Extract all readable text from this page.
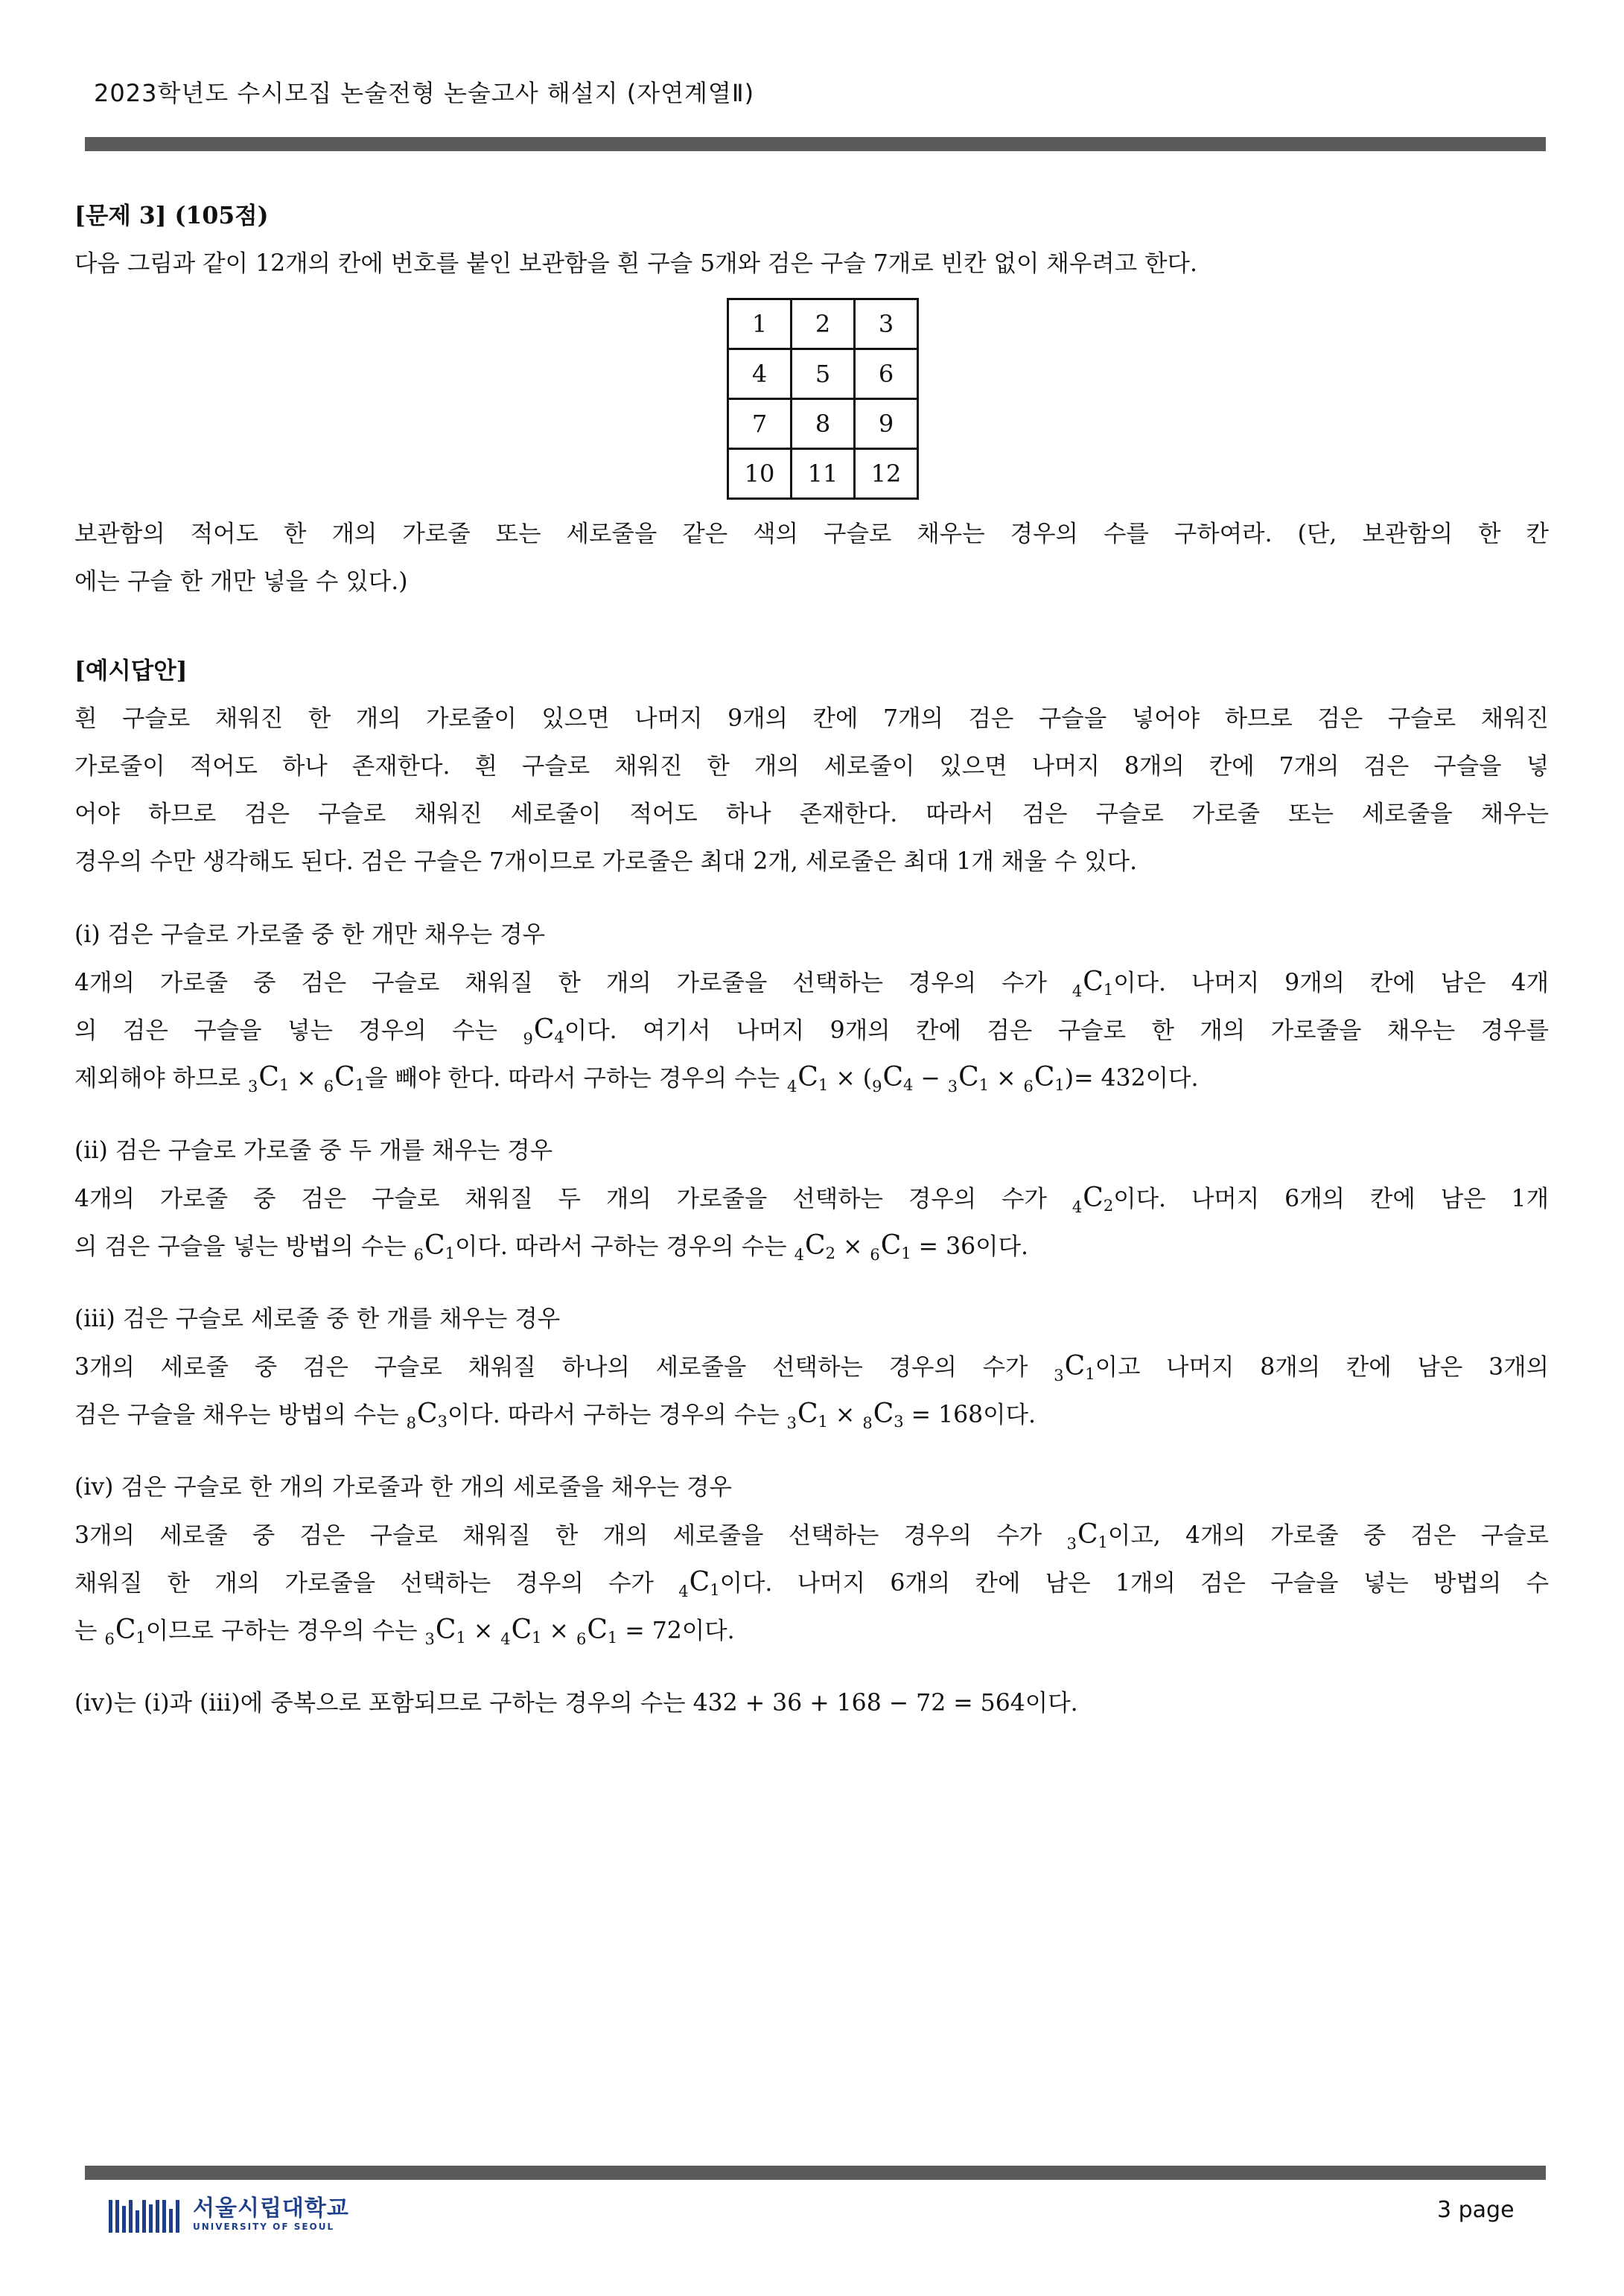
2023학년도 수시모집 논술전형 논술고사 해설지 (자연계열Ⅱ)
[문제 3] (105점)
다음 그림과 같이 12개의 칸에 번호를 붙인 보관함을 흰 구슬 5개와 검은 구슬 7개로 빈칸 없이 채우려고 한다.
1	2	3
4	5	6
7	8	9
10	11	12
보관함의 적어도 한 개의 가로줄 또는 세로줄을 같은 색의 구슬로 채우는 경우의 수를 구하여라. (단, 보관함의 한 칸
에는 구슬 한 개만 넣을 수 있다.)
[예시답안]
흰 구슬로 채워진 한 개의 가로줄이 있으면 나머지 9개의 칸에 7개의 검은 구슬을 넣어야 하므로 검은 구슬로 채워진
가로줄이 적어도 하나 존재한다. 흰 구슬로 채워진 한 개의 세로줄이 있으면 나머지 8개의 칸에 7개의 검은 구슬을 넣
어야 하므로 검은 구슬로 채워진 세로줄이 적어도 하나 존재한다. 따라서 검은 구슬로 가로줄 또는 세로줄을 채우는
경우의 수만 생각해도 된다. 검은 구슬은 7개이므로 가로줄은 최대 2개, 세로줄은 최대 1개 채울 수 있다.
(i) 검은 구슬로 가로줄 중 한 개만 채우는 경우
4개의 가로줄 중 검은 구슬로 채워질 한 개의 가로줄을 선택하는 경우의 수가 $_4C_1$이다. 나머지 9개의 칸에 남은 4개
의 검은 구슬을 넣는 경우의 수는 $_9C_4$이다. 여기서 나머지 9개의 칸에 검은 구슬로 한 개의 가로줄을 채우는 경우를
제외해야 하므로 $_3C_1 \times _6C_1$을 빼야 한다. 따라서 구하는 경우의 수는 $_4C_1 \times (_9C_4 - _3C_1 \times _6C_1)= 432$이다.
(ii) 검은 구슬로 가로줄 중 두 개를 채우는 경우
4개의 가로줄 중 검은 구슬로 채워질 두 개의 가로줄을 선택하는 경우의 수가 $_4C_2$이다. 나머지 6개의 칸에 남은 1개
의 검은 구슬을 넣는 방법의 수는 $_6C_1$이다. 따라서 구하는 경우의 수는 $_4C_2 \times _6C_1 = 36$이다.
(iii) 검은 구슬로 세로줄 중 한 개를 채우는 경우
3개의 세로줄 중 검은 구슬로 채워질 하나의 세로줄을 선택하는 경우의 수가 $_3C_1$이고 나머지 8개의 칸에 남은 3개의
검은 구슬을 채우는 방법의 수는 $_8C_3$이다. 따라서 구하는 경우의 수는 $_3C_1 \times _8C_3 = 168$이다.
(iv) 검은 구슬로 한 개의 가로줄과 한 개의 세로줄을 채우는 경우
3개의 세로줄 중 검은 구슬로 채워질 한 개의 세로줄을 선택하는 경우의 수가 $_3C_1$이고, 4개의 가로줄 중 검은 구슬로
채워질 한 개의 가로줄을 선택하는 경우의 수가 $_4C_1$이다. 나머지 6개의 칸에 남은 1개의 검은 구슬을 넣는 방법의 수
는 $_6C_1$이므로 구하는 경우의 수는 $_3C_1 \times _4C_1 \times _6C_1 = 72$이다.
(iv)는 (i)과 (iii)에 중복으로 포함되므로 구하는 경우의 수는 432 + 36 + 168 − 72 = 564이다.
서울시립대학교
UNIVERSITY OF SEOUL
3 page
